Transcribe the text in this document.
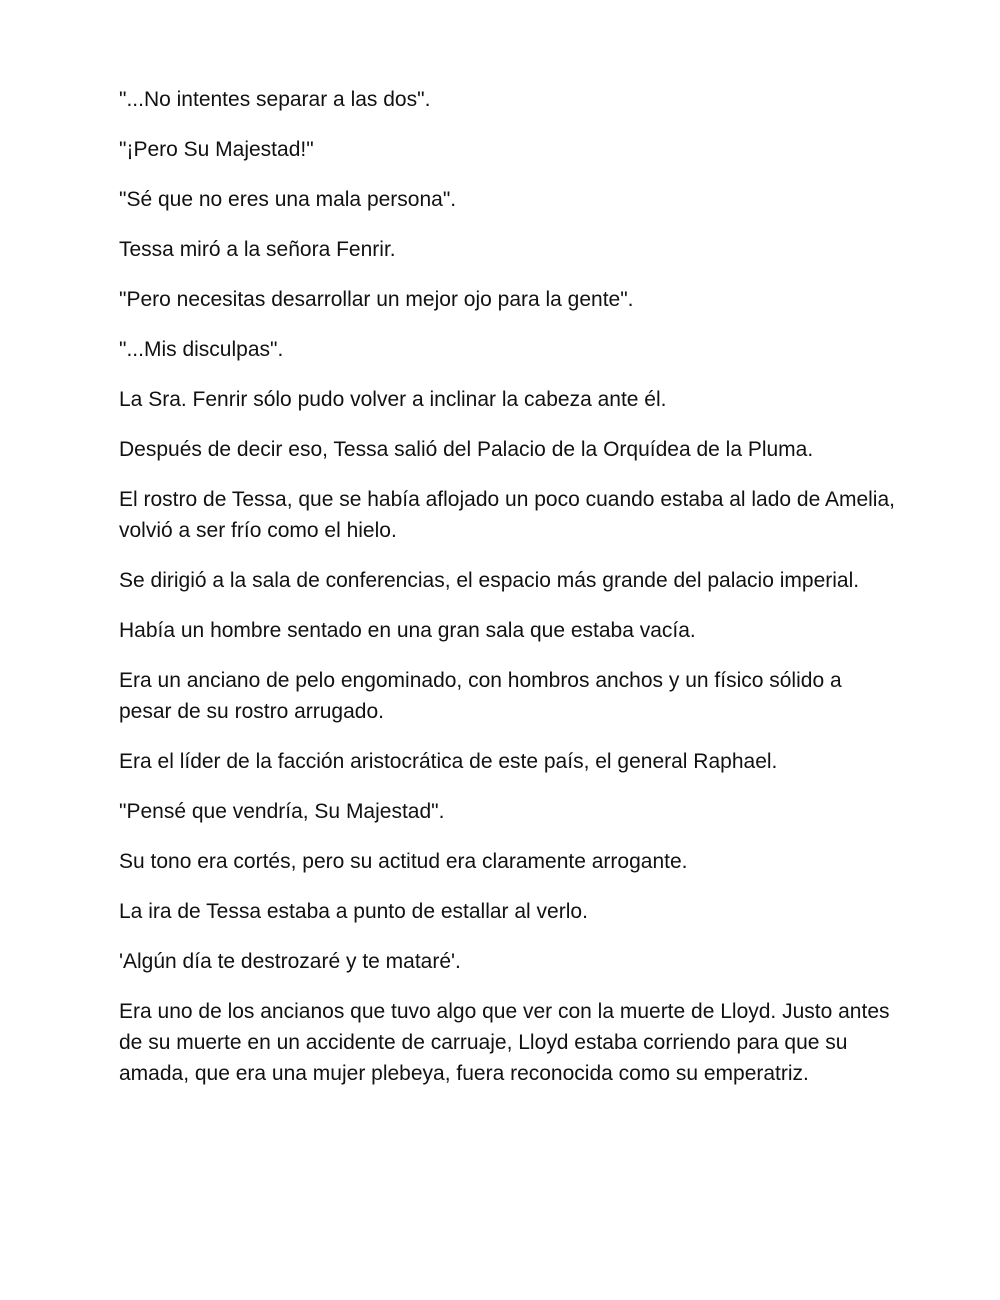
"...No intentes separar a las dos".

"¡Pero Su Majestad!"

"Sé que no eres una mala persona".

Tessa miró a la señora Fenrir.

"Pero necesitas desarrollar un mejor ojo para la gente".

"...Mis disculpas".

La Sra. Fenrir sólo pudo volver a inclinar la cabeza ante él.

Después de decir eso, Tessa salió del Palacio de la Orquídea de la Pluma.

El rostro de Tessa, que se había aflojado un poco cuando estaba al lado de Amelia, volvió a ser frío como el hielo.

Se dirigió a la sala de conferencias, el espacio más grande del palacio imperial.

Había un hombre sentado en una gran sala que estaba vacía.

Era un anciano de pelo engominado, con hombros anchos y un físico sólido a pesar de su rostro arrugado.

Era el líder de la facción aristocrática de este país, el general Raphael.

"Pensé que vendría, Su Majestad".

Su tono era cortés, pero su actitud era claramente arrogante.

La ira de Tessa estaba a punto de estallar al verlo.

'Algún día te destrozaré y te mataré'.

Era uno de los ancianos que tuvo algo que ver con la muerte de Lloyd. Justo antes de su muerte en un accidente de carruaje, Lloyd estaba corriendo para que su amada, que era una mujer plebeya, fuera reconocida como su emperatriz.
